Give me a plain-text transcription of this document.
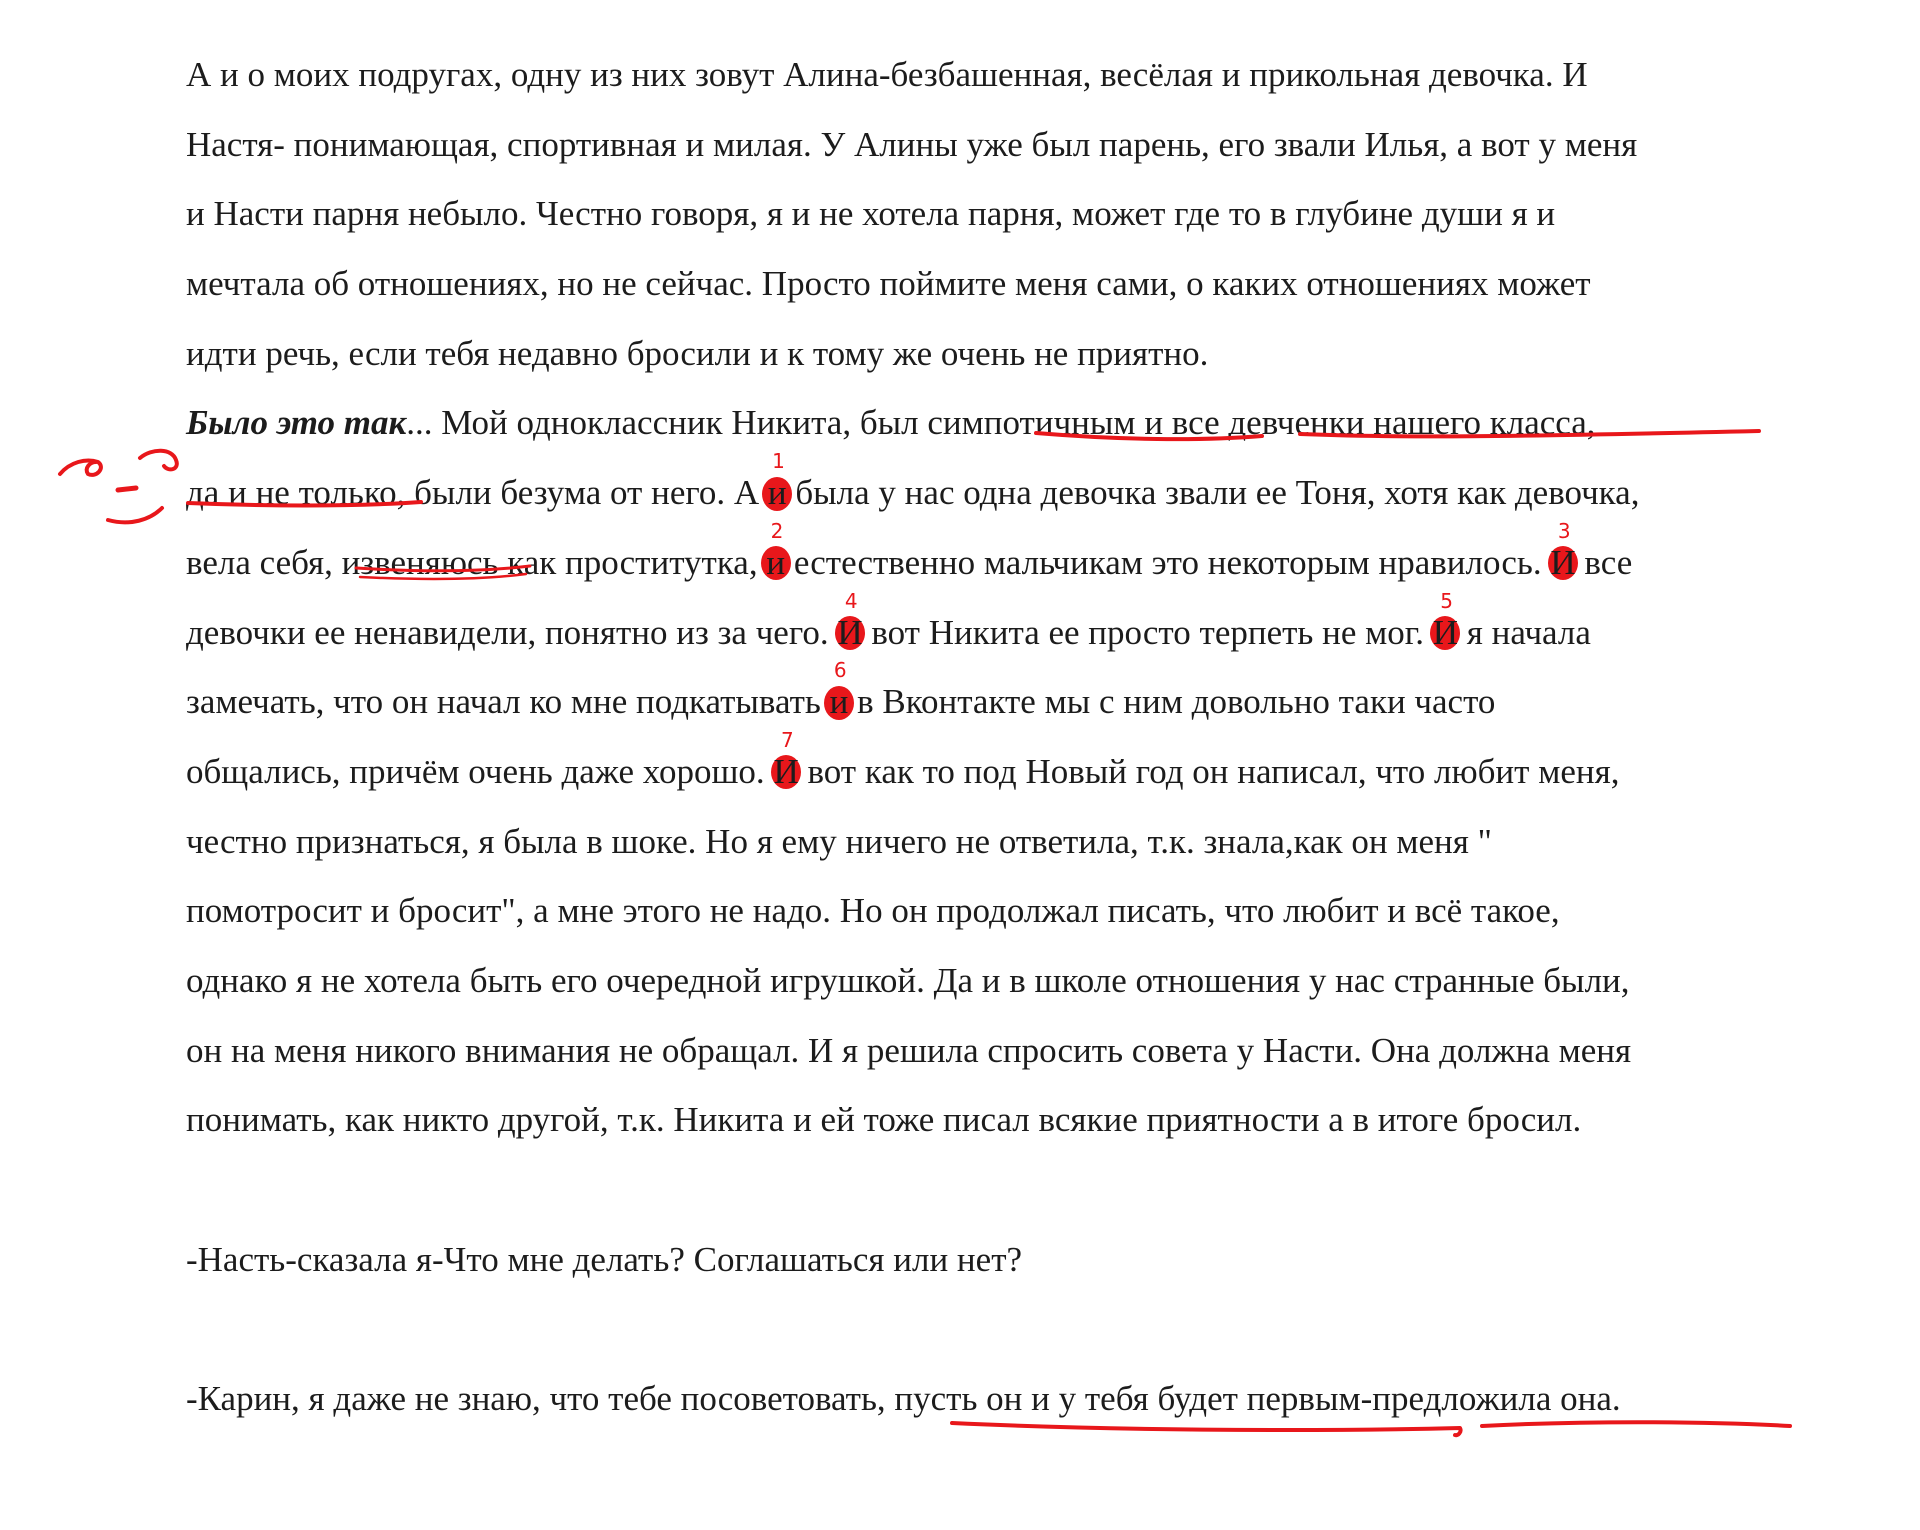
А и о моих подругах, одну из них зовут Алина-безбашенная, весёлая и прикольная девочка. И
Настя- понимающая, спортивная и милая. У Алины уже был парень, его звали Илья, а вот у меня
и Насти парня небыло. Честно говоря, я и не хотела парня, может где то в глубине души я и
мечтала об отношениях, но не сейчас. Просто поймите меня сами, о каких отношениях может
идти речь, если тебя недавно бросили и к тому же очень не приятно.
Было это так... Мой одноклассник Никита, был симпотичным и все девченки нашего класса,
да и не только, были безума от него. А
1
и была у нас одна девочка звали ее Тоня, хотя как девочка,
вела себя, извеняюсь как проститутка,
2
и естественно мальчикам это некоторым нравилось.
3
И все
девочки ее ненавидели, понятно из за чего.
4
И вот Никита ее просто терпеть не мог.
5
И я начала
замечать, что он начал ко мне подкатывать
6
и в Вконтакте мы с ним довольно таки часто
общались, причём очень даже хорошо.
7
И вот как то под Новый год он написал, что любит меня,
честно признаться, я была в шоке. Но я ему ничего не ответила, т.к. знала,как он меня "
помотросит и бросит", а мне этого не надо. Но он продолжал писать, что любит и всё такое,
однако я не хотела быть его очередной игрушкой. Да и в школе отношения у нас странные были,
он на меня никого внимания не обращал. И я решила спросить совета у Насти. Она должна меня
понимать, как никто другой, т.к. Никита и ей тоже писал всякие приятности а в итоге бросил.
-Насть-сказала я-Что мне делать? Соглашаться или нет?
-Карин, я даже не знаю, что тебе посоветовать, пусть он и у тебя будет первым-предложила она.
